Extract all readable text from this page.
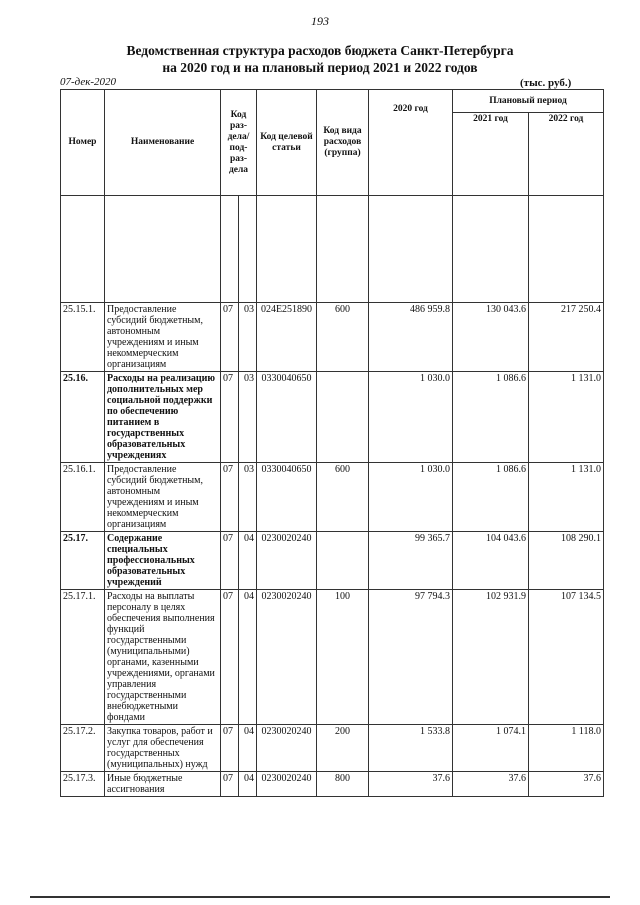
193
Ведомственная структура расходов бюджета Санкт-Петербурга
на 2020 год и на плановый период 2021 и 2022 годов
07-дек-2020	(тыс. руб.)
Номер	Наименование	Код раз- дела/ под- раз- дела		Код целевой статьи	Код вида расходов (группа)	2020 год	Плановый период	
							2021 год	2022 год

25.15.1.	Предоставление субсидий бюджетным, автономным учреждениям и иным некоммерческим организациям	07	03	024Е251890	600	486 959.8	130 043.6	217 250.4
25.16.	Расходы на реализацию дополнительных мер социальной поддержки по обеспечению питанием в государственных образовательных учреждениях	07	03	0330040650		1 030.0	1 086.6	1 131.0
25.16.1.	Предоставление субсидий бюджетным, автономным учреждениям и иным некоммерческим организациям	07	03	0330040650	600	1 030.0	1 086.6	1 131.0
25.17.	Содержание специальных профессиональных образовательных учреждений	07	04	0230020240		99 365.7	104 043.6	108 290.1
25.17.1.	Расходы на выплаты персоналу в целях обеспечения выполнения функций государственными (муниципальными) органами, казенными учреждениями, органами управления государственными внебюджетными фондами	07	04	0230020240	100	97 794.3	102 931.9	107 134.5
25.17.2.	Закупка товаров, работ и услуг для обеспечения государственных (муниципальных) нужд	07	04	0230020240	200	1 533.8	1 074.1	1 118.0
25.17.3.	Иные бюджетные ассигнования	07	04	0230020240	800	37.6	37.6	37.6
